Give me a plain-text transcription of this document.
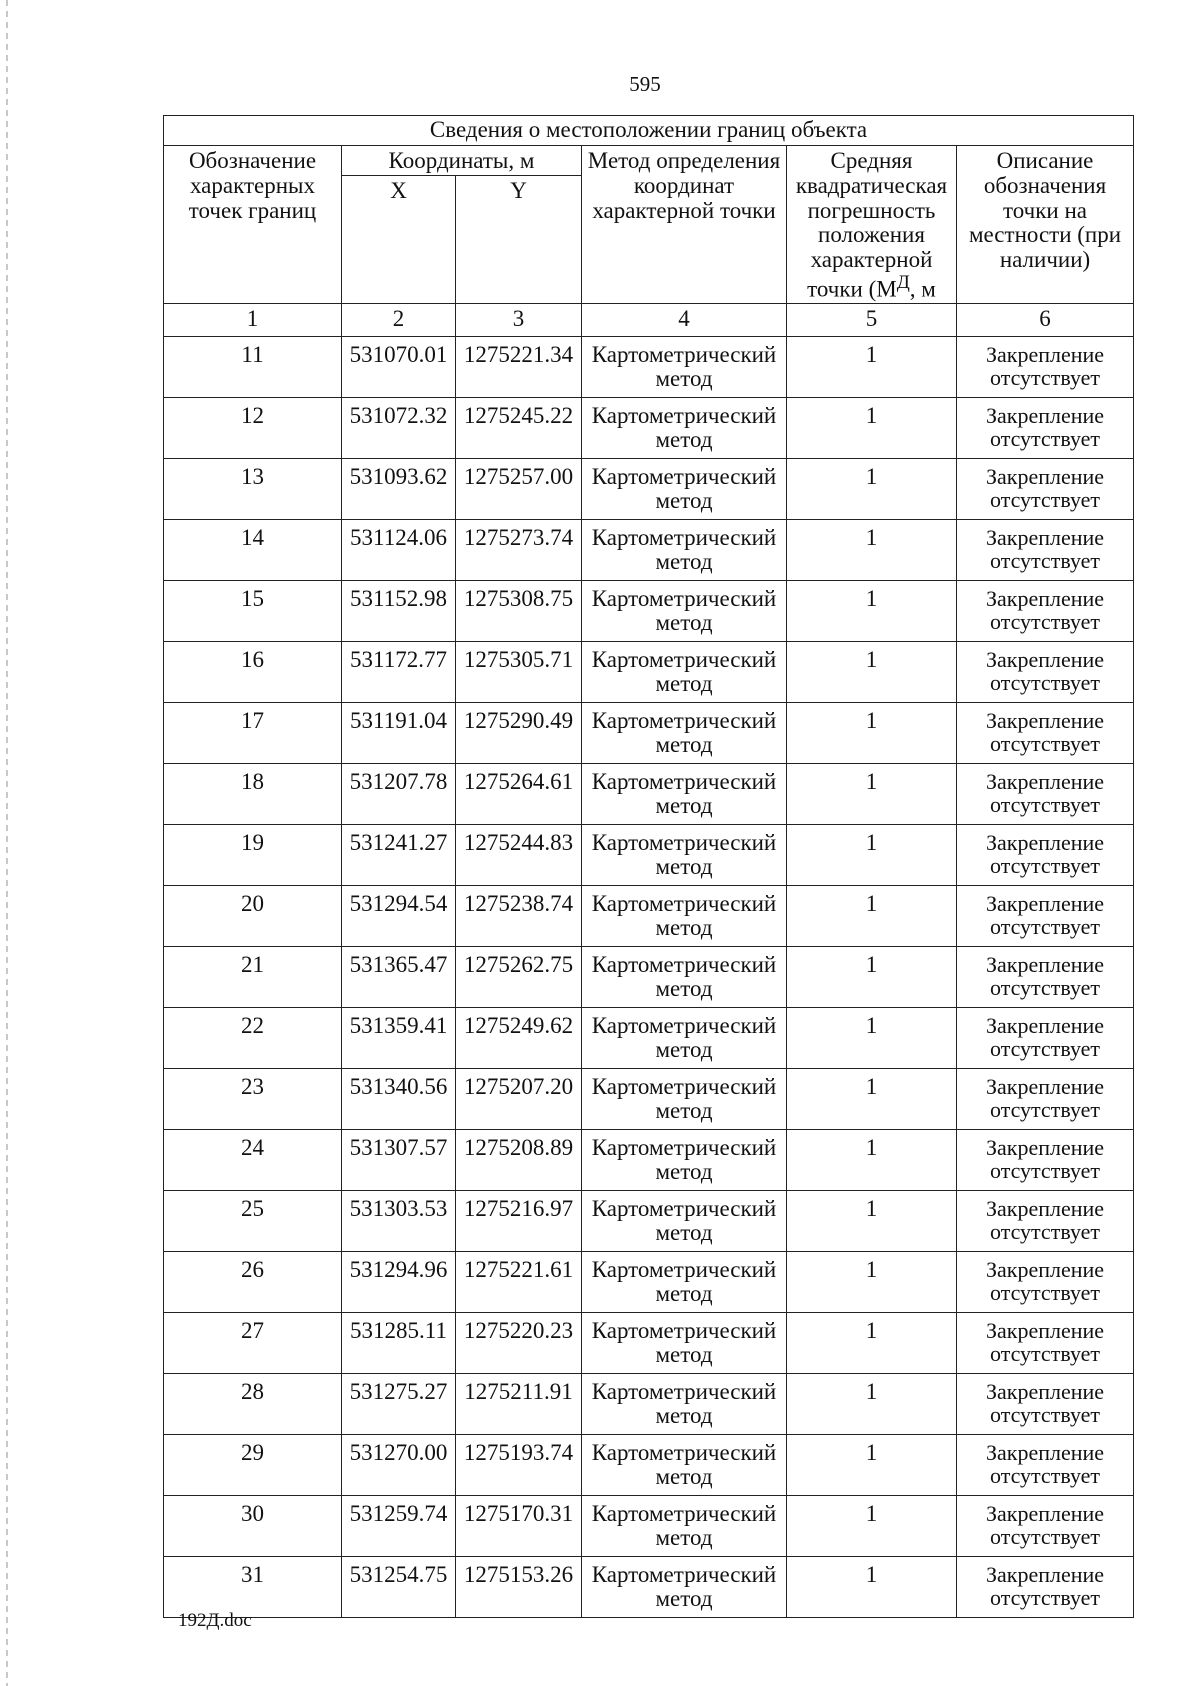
595
Сведения о местоположении границ объекта					
Обозначение характерных точек границ	Координаты, м		Метод определения координат характерной точки	Средняя квадратическая погрешность положения характерной точки ($M^Д$, м	Описание обозначения точки на местности (при наличии)
	X	Y			
1	2	3	4	5	6
11	531070.01	1275221.34	Картометрический метод	1	Закрепление отсутствует
12	531072.32	1275245.22	Картометрический метод	1	Закрепление отсутствует
13	531093.62	1275257.00	Картометрический метод	1	Закрепление отсутствует
14	531124.06	1275273.74	Картометрический метод	1	Закрепление отсутствует
15	531152.98	1275308.75	Картометрический метод	1	Закрепление отсутствует
16	531172.77	1275305.71	Картометрический метод	1	Закрепление отсутствует
17	531191.04	1275290.49	Картометрический метод	1	Закрепление отсутствует
18	531207.78	1275264.61	Картометрический метод	1	Закрепление отсутствует
19	531241.27	1275244.83	Картометрический метод	1	Закрепление отсутствует
20	531294.54	1275238.74	Картометрический метод	1	Закрепление отсутствует
21	531365.47	1275262.75	Картометрический метод	1	Закрепление отсутствует
22	531359.41	1275249.62	Картометрический метод	1	Закрепление отсутствует
23	531340.56	1275207.20	Картометрический метод	1	Закрепление отсутствует
24	531307.57	1275208.89	Картометрический метод	1	Закрепление отсутствует
25	531303.53	1275216.97	Картометрический метод	1	Закрепление отсутствует
26	531294.96	1275221.61	Картометрический метод	1	Закрепление отсутствует
27	531285.11	1275220.23	Картометрический метод	1	Закрепление отсутствует
28	531275.27	1275211.91	Картометрический метод	1	Закрепление отсутствует
29	531270.00	1275193.74	Картометрический метод	1	Закрепление отсутствует
30	531259.74	1275170.31	Картометрический метод	1	Закрепление отсутствует
31	531254.75	1275153.26	Картометрический метод	1	Закрепление отсутствует
192Д.doc
